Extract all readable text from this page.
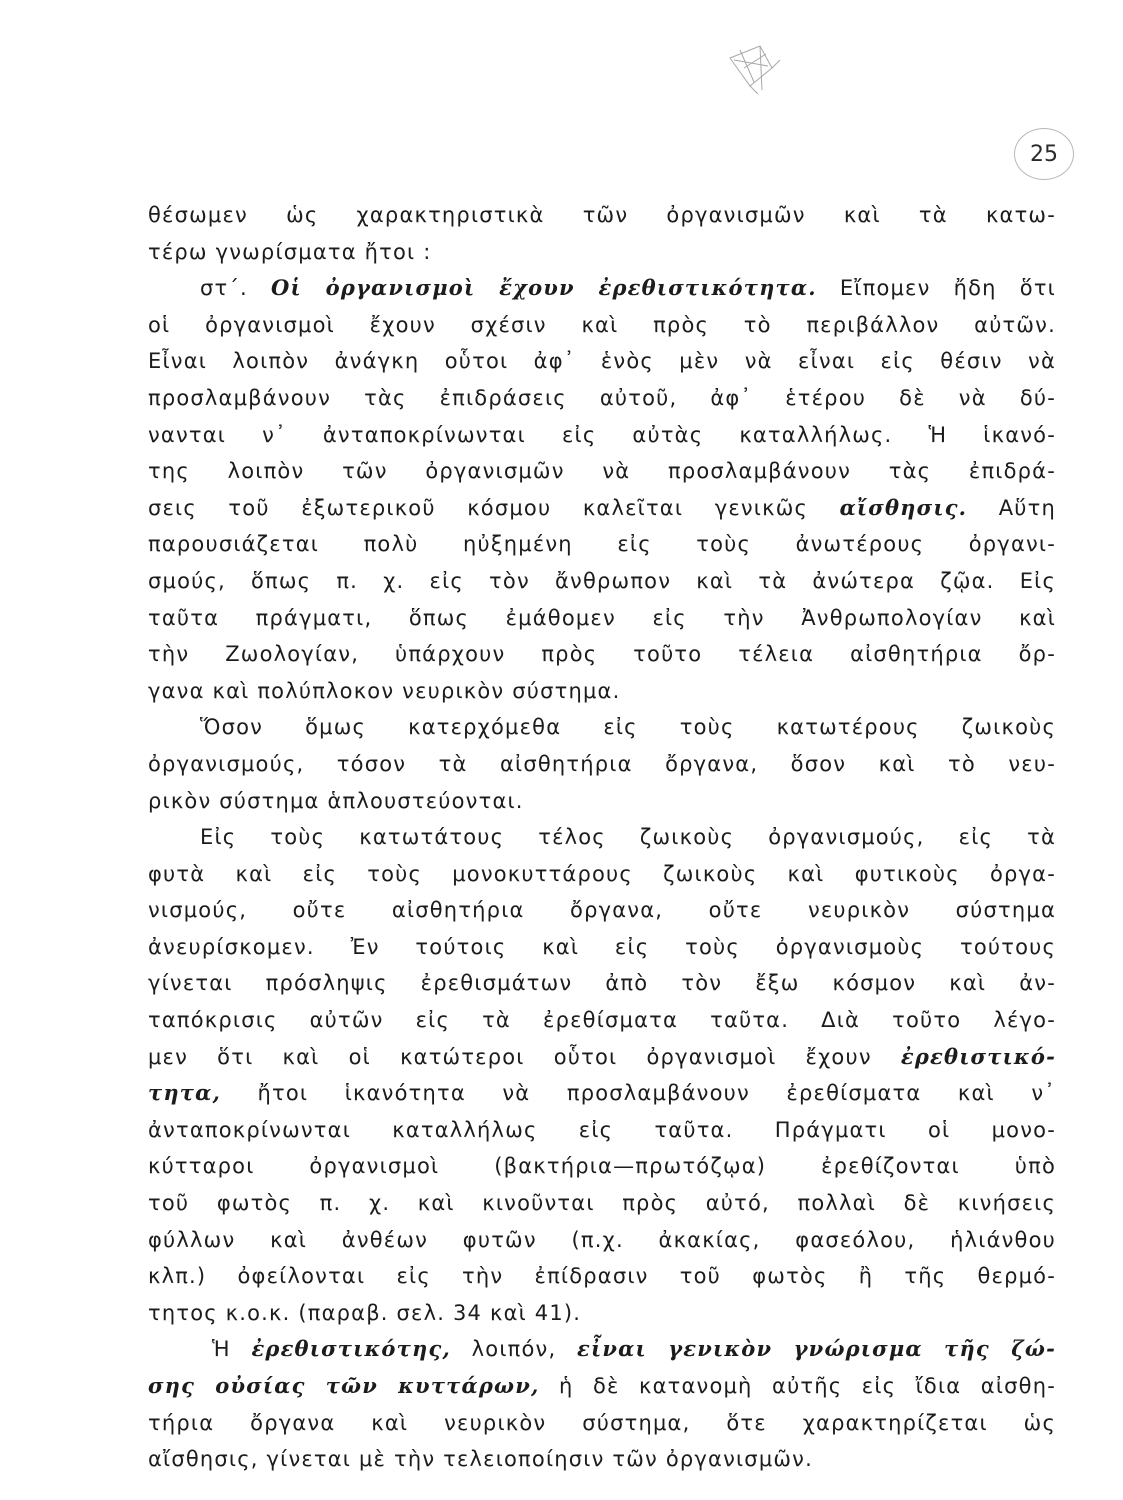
25
θέσωμεν ὡς χαρακτηριστικὰ τῶν ὀργανισμῶν καὶ τὰ κατω-
τέρω γνωρίσματα ἤτοι :
στ΄. Οἱ ὀργανισμοὶ ἔχουν ἐρεθιστικότητα. Εἴπομεν ἤδη ὅτι
οἱ ὀργανισμοὶ ἔχουν σχέσιν καὶ πρὸς τὸ περιβάλλον αὐτῶν.
Εἶναι λοιπὸν ἀνάγκη οὗτοι ἀφ᾽ ἑνὸς μὲν νὰ εἶναι εἰς θέσιν νὰ
προσλαμβάνουν τὰς ἐπιδράσεις αὐτοῦ, ἀφ᾽ ἑτέρου δὲ νὰ δύ-
νανται ν᾽ ἀνταποκρίνωνται εἰς αὐτὰς καταλλήλως. Ἡ ἱκανό-
της λοιπὸν τῶν ὀργανισμῶν νὰ προσλαμβάνουν τὰς ἐπιδρά-
σεις τοῦ ἐξωτερικοῦ κόσμου καλεῖται γενικῶς αἴσθησις. Αὕτη
παρουσιάζεται πολὺ ηὐξημένη εἰς τοὺς ἀνωτέρους ὀργανι-
σμούς, ὅπως π. χ. εἰς τὸν ἄνθρωπον καὶ τὰ ἀνώτερα ζῷα. Εἰς
ταῦτα πράγματι, ὅπως ἐμάθομεν εἰς τὴν Ἀνθρωπολογίαν καὶ
τὴν Ζωολογίαν, ὑπάρχουν πρὸς τοῦτο τέλεια αἰσθητήρια ὄρ-
γανα καὶ πολύπλοκον νευρικὸν σύστημα.
Ὅσον ὅμως κατερχόμεθα εἰς τοὺς κατωτέρους ζωικοὺς
ὀργανισμούς, τόσον τὰ αἰσθητήρια ὄργανα, ὅσον καὶ τὸ νευ-
ρικὸν σύστημα ἁπλουστεύονται.
Εἰς τοὺς κατωτάτους τέλος ζωικοὺς ὀργανισμούς, εἰς τὰ
φυτὰ καὶ εἰς τοὺς μονοκυττάρους ζωικοὺς καὶ φυτικοὺς ὀργα-
νισμούς, οὔτε αἰσθητήρια ὄργανα, οὔτε νευρικὸν σύστημα
ἀνευρίσκομεν. Ἐν τούτοις καὶ εἰς τοὺς ὀργανισμοὺς τούτους
γίνεται πρόσληψις ἐρεθισμάτων ἀπὸ τὸν ἔξω κόσμον καὶ ἀν-
ταπόκρισις αὐτῶν εἰς τὰ ἐρεθίσματα ταῦτα. Διὰ τοῦτο λέγο-
μεν ὅτι καὶ οἱ κατώτεροι οὗτοι ὀργανισμοὶ ἔχουν ἐρεθιστικό-
τητα, ἤτοι ἱκανότητα νὰ προσλαμβάνουν ἐρεθίσματα καὶ ν᾽
ἀνταποκρίνωνται καταλλήλως εἰς ταῦτα. Πράγματι οἱ μονο-
κύτταροι ὀργανισμοὶ (βακτήρια—πρωτόζῳα) ἐρεθίζονται ὑπὸ
τοῦ φωτὸς π. χ. καὶ κινοῦνται πρὸς αὐτό, πολλαὶ δὲ κινήσεις
φύλλων καὶ ἀνθέων φυτῶν (π.χ. ἀκακίας, φασεόλου, ἡλιάνθου
κλπ.) ὀφείλονται εἰς τὴν ἐπίδρασιν τοῦ φωτὸς ἢ τῆς θερμό-
τητος κ.ο.κ. (παραβ. σελ. 34 καὶ 41).
Ἡ ἐρεθιστικότης, λοιπόν, εἶναι γενικὸν γνώρισμα τῆς ζώ-
σης οὐσίας τῶν κυττάρων, ἡ δὲ κατανομὴ αὐτῆς εἰς ἴδια αἰσθη-
τήρια ὄργανα καὶ νευρικὸν σύστημα, ὅτε χαρακτηρίζεται ὡς
αἴσθησις, γίνεται μὲ τὴν τελειοποίησιν τῶν ὀργανισμῶν.
